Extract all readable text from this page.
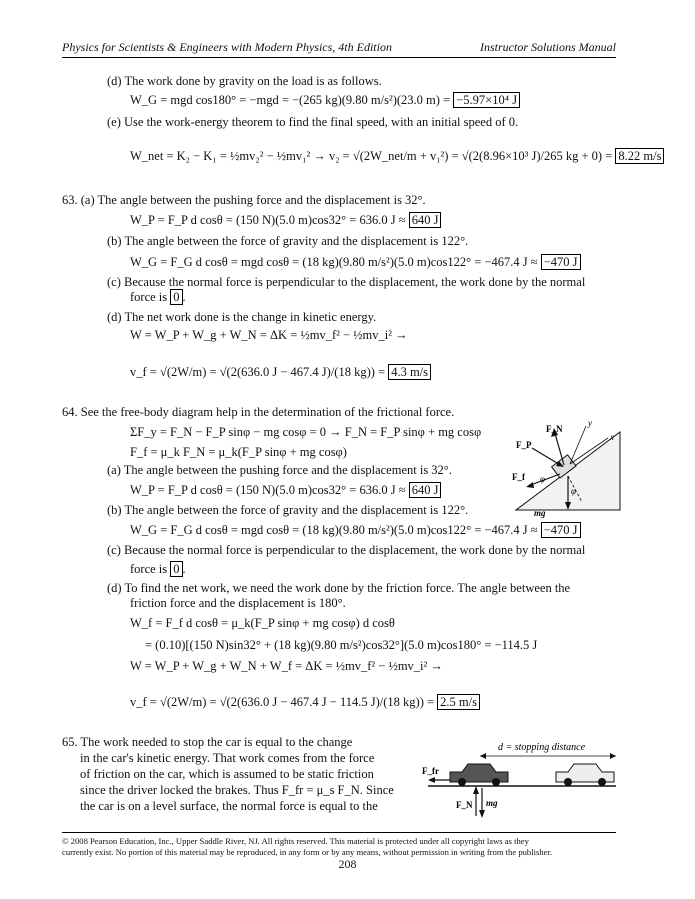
Physics for Scientists & Engineers with Modern Physics, 4th Edition	Instructor Solutions Manual
(d) The work done by gravity on the load is as follows.
W_G = mgd cos180° = −mgd = −(265 kg)(9.80 m/s²)(23.0 m) = −5.97×10⁴ J
(e) Use the work-energy theorem to find the final speed, with an initial speed of 0.
W_net = K₂ − K₁ = ½mv₂² − ½mv₁² → v₂ = √(2W_net/m + v₁²) = √(2(8.96×10³ J)/265 kg + 0) = 8.22 m/s
63. (a) The angle between the pushing force and the displacement is 32°.
W_P = F_P d cosθ = (150 N)(5.0 m)cos32° = 636.0 J ≈ 640 J
(b) The angle between the force of gravity and the displacement is 122°.
W_G = F_G d cosθ = mgd cosθ = (18 kg)(9.80 m/s²)(5.0 m)cos122° = −467.4 J ≈ −470 J
(c) Because the normal force is perpendicular to the displacement, the work done by the normal
force is 0 .
(d) The net work done is the change in kinetic energy.
W = W_P + W_g + W_N = ΔK = ½mv_f² − ½mv_i² →
v_f = √(2W/m) = √(2(636.0 J − 467.4 J)/(18 kg)) = 4.3 m/s
64. See the free-body diagram help in the determination of the frictional force.
ΣF_y = F_N − F_P sinφ − mg cosφ = 0 → F_N = F_P sinφ + mg cosφ
F_f = μ_k F_N = μ_k(F_P sinφ + mg cosφ)
(a) The angle between the pushing force and the displacement is 32°.
W_P = F_P d cosθ = (150 N)(5.0 m)cos32° = 636.0 J ≈ 640 J
(b) The angle between the force of gravity and the displacement is 122°.
W_G = F_G d cosθ = mgd cosθ = (18 kg)(9.80 m/s²)(5.0 m)cos122° = −467.4 J ≈ −470 J
(c) Because the normal force is perpendicular to the displacement, the work done by the normal
force is 0 .
(d) To find the net work, we need the work done by the friction force. The angle between the
friction force and the displacement is 180°.
W_f = F_f d cosθ = μ_k(F_P sinφ + mg cosφ) d cosθ
= (0.10)[(150 N)sin32° + (18 kg)(9.80 m/s²)cos32°](5.0 m)cos180° = −114.5 J
W = W_P + W_g + W_N + W_f = ΔK = ½mv_f² − ½mv_i² →
v_f = √(2W/m) = √(2(636.0 J − 467.4 J − 114.5 J)/(18 kg)) = 2.5 m/s
65. The work needed to stop the car is equal to the change
in the car's kinetic energy. That work comes from the force
of friction on the car, which is assumed to be static friction
since the driver locked the brakes. Thus F_fr = μ_s F_N. Since
the car is on a level surface, the normal force is equal to the
F_N
y
x
F_P
F_f φ
φ
mg
d = stopping distance
F_fr
F_N mg
© 2008 Pearson Education, Inc., Upper Saddle River, NJ. All rights reserved. This material is protected under all copyright laws as they
currently exist. No portion of this material may be reproduced, in any form or by any means, without permission in writing from the publisher.
208
